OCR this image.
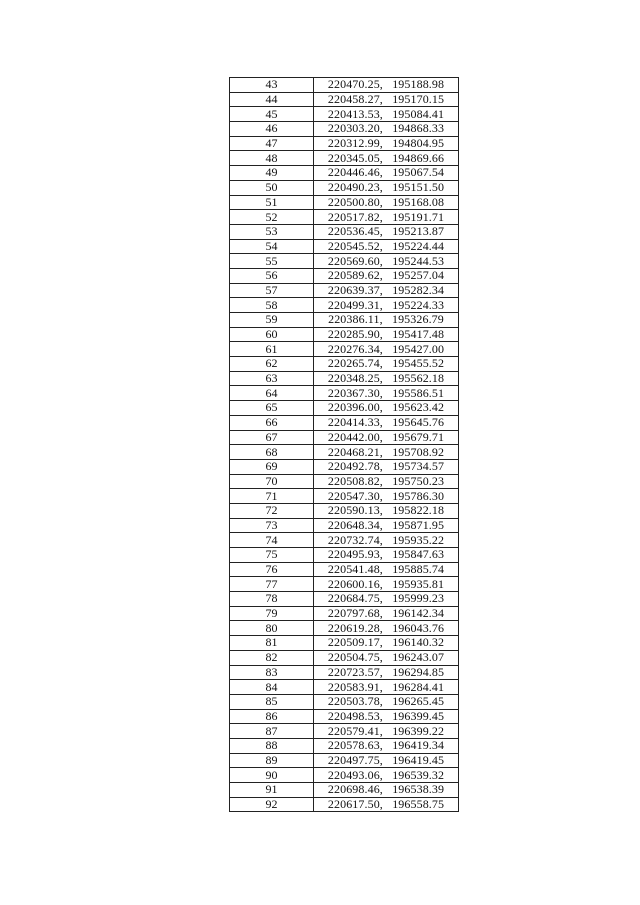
43	220470.25,   195188.98
44	220458.27,   195170.15
45	220413.53,   195084.41
46	220303.20,   194868.33
47	220312.99,   194804.95
48	220345.05,   194869.66
49	220446.46,   195067.54
50	220490.23,   195151.50
51	220500.80,   195168.08
52	220517.82,   195191.71
53	220536.45,   195213.87
54	220545.52,   195224.44
55	220569.60,   195244.53
56	220589.62,   195257.04
57	220639.37,   195282.34
58	220499.31,   195224.33
59	220386.11,   195326.79
60	220285.90,   195417.48
61	220276.34,   195427.00
62	220265.74,   195455.52
63	220348.25,   195562.18
64	220367.30,   195586.51
65	220396.00,   195623.42
66	220414.33,   195645.76
67	220442.00,   195679.71
68	220468.21,   195708.92
69	220492.78,   195734.57
70	220508.82,   195750.23
71	220547.30,   195786.30
72	220590.13,   195822.18
73	220648.34,   195871.95
74	220732.74,   195935.22
75	220495.93,   195847.63
76	220541.48,   195885.74
77	220600.16,   195935.81
78	220684.75,   195999.23
79	220797.68,   196142.34
80	220619.28,   196043.76
81	220509.17,   196140.32
82	220504.75,   196243.07
83	220723.57,   196294.85
84	220583.91,   196284.41
85	220503.78,   196265.45
86	220498.53,   196399.45
87	220579.41,   196399.22
88	220578.63,   196419.34
89	220497.75,   196419.45
90	220493.06,   196539.32
91	220698.46,   196538.39
92	220617.50,   196558.75
